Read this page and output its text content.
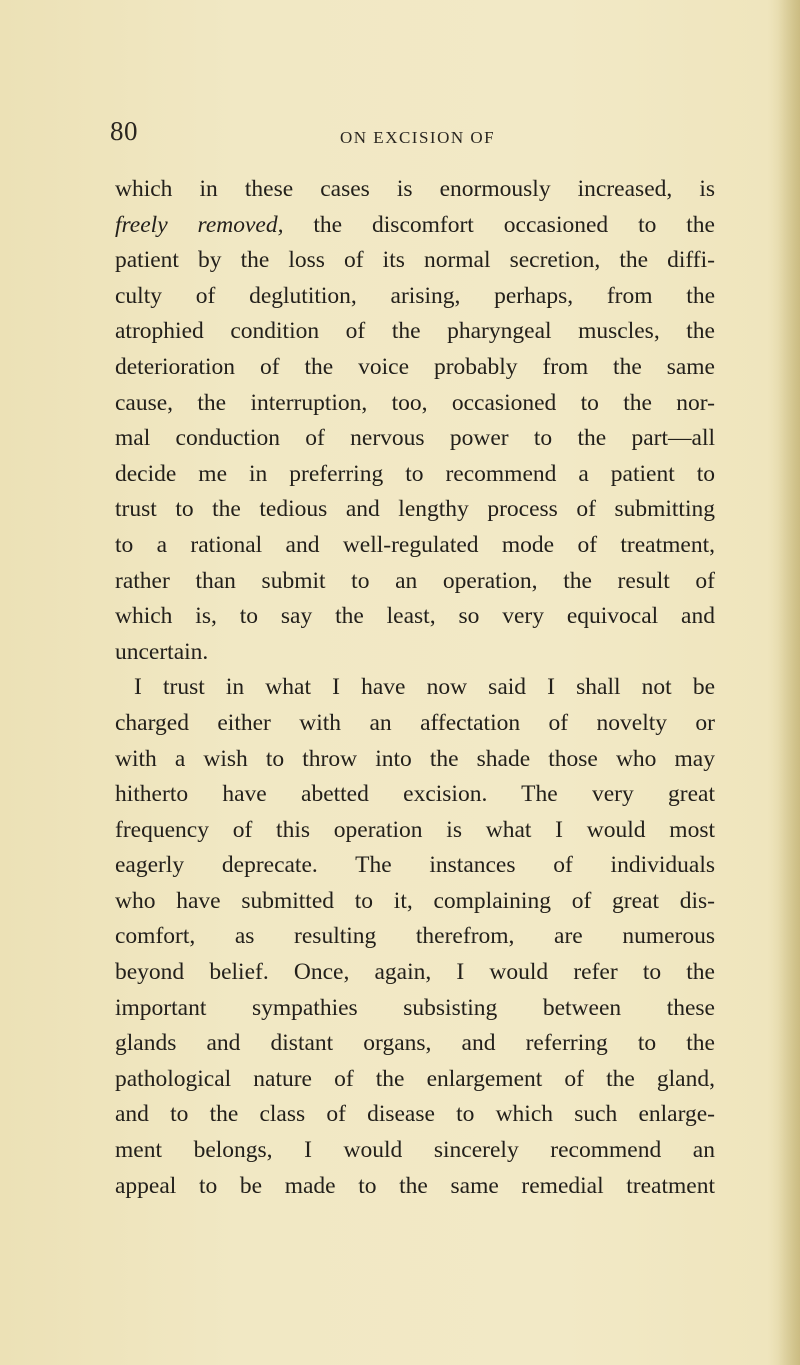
80	ON EXCISION OF
which in these cases is enormously increased, is
freely removed, the discomfort occasioned to the
patient by the loss of its normal secretion, the diffi-
culty of deglutition, arising, perhaps, from the
atrophied condition of the pharyngeal muscles, the
deterioration of the voice probably from the same
cause, the interruption, too, occasioned to the nor-
mal conduction of nervous power to the part—all
decide me in preferring to recommend a patient to
trust to the tedious and lengthy process of submitting
to a rational and well-regulated mode of treatment,
rather than submit to an operation, the result of
which is, to say the least, so very equivocal and
uncertain.
I trust in what I have now said I shall not be
charged either with an affectation of novelty or
with a wish to throw into the shade those who may
hitherto have abetted excision. The very great
frequency of this operation is what I would most
eagerly deprecate. The instances of individuals
who have submitted to it, complaining of great dis-
comfort, as resulting therefrom, are numerous
beyond belief. Once, again, I would refer to the
important sympathies subsisting between these
glands and distant organs, and referring to the
pathological nature of the enlargement of the gland,
and to the class of disease to which such enlarge-
ment belongs, I would sincerely recommend an
appeal to be made to the same remedial treatment
